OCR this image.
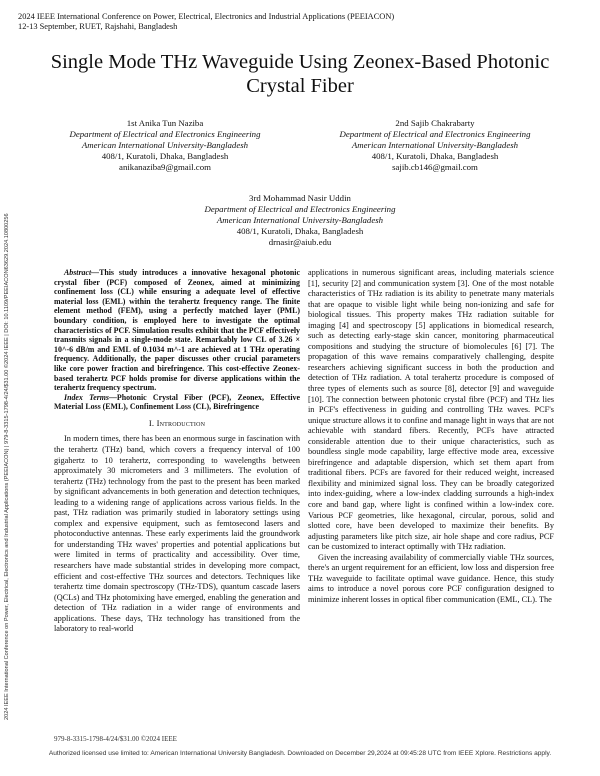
2024 IEEE International Conference on Power, Electrical, Electronics and Industrial Applications (PEEIACON)
12-13 September, RUET, Rajshahi, Bangladesh
2024 IEEE International Conference on Power, Electrical, Electronics and Industrial Applications (PEEIACON) | 979-8-3315-1798-4/24/$31.00 ©2024 IEEE | DOI: 10.1109/PEEIACON63629.2024.10800256
Single Mode THz Waveguide Using Zeonex-Based Photonic Crystal Fiber
1st Anika Tun Naziba
Department of Electrical and Electronics Engineering
American International University-Bangladesh
408/1, Kuratoli, Dhaka, Bangladesh
anikanaziba9@gmail.com
2nd Sajib Chakrabarty
Department of Electrical and Electronics Engineering
American International University-Bangladesh
408/1, Kuratoli, Dhaka, Bangladesh
sajib.cb146@gmail.com
3rd Mohammad Nasir Uddin
Department of Electrical and Electronics Engineering
American International University-Bangladesh
408/1, Kuratoli, Dhaka, Bangladesh
drnasir@aiub.edu

Abstract—This study introduces a innovative hexagonal photonic crystal fiber (PCF) composed of Zeonex, aimed at minimizing confinement loss (CL) while ensuring a adequate level of effective material loss (EML) within the terahertz frequency range. The finite element method (FEM), using a perfectly matched layer (PML) boundary condition, is employed here to investigate the optimal characteristics of PCF. Simulation results exhibit that the PCF effectively transmits signals in a single-mode state. Remarkably low CL of 3.26 × 10^-6 dB/m and EML of 0.1034 m^-1 are achieved at 1 THz operating frequency. Additionally, the paper discusses other crucial parameters like core power fraction and birefringence. This cost-effective Zeonex-based terahertz PCF holds promise for diverse applications within the terahertz frequency spectrum.

Index Terms—Photonic Crystal Fiber (PCF), Zeonex, Effective Material Loss (EML), Confinement Loss (CL), Birefringence

I. Introduction

In modern times, there has been an enormous surge in fascination with the terahertz (THz) band, which covers a frequency interval of 100 gigahertz to 10 terahertz, corresponding to wavelengths between approximately 30 micrometers and 3 millimeters. The evolution of terahertz (THz) technology from the past to the present has been marked by significant advancements in both generation and detection techniques, leading to a widening range of applications across various fields. In the past, THz radiation was primarily studied in laboratory settings using complex and expensive equipment, such as femtosecond lasers and photoconductive antennas. These early experiments laid the groundwork for understanding THz waves' properties and potential applications but were limited in terms of practicality and accessibility. Over time, researchers have made substantial strides in developing more compact, efficient and cost-effective THz sources and detectors. Techniques like terahertz time domain spectroscopy (THz-TDS), quantum cascade lasers (QCLs) and THz photomixing have emerged, enabling the generation and detection of THz radiation in a wider range of environments and applications. These days, THz technology has transitioned from the laboratory to real-world

applications in numerous significant areas, including materials science [1], security [2] and communication system [3]. One of the most notable characteristics of THz radiation is its ability to penetrate many materials that are opaque to visible light while being non-ionizing and safe for biological tissues. This property makes THz radiation suitable for imaging [4] and spectroscopy [5] applications in biomedical research, such as detecting early-stage skin cancer, monitoring pharmaceutical compositions and studying the structure of biomolecules [6] [7]. The propagation of this wave remains comparatively challenging, despite researchers achieving significant success in both the production and detection of THz radiation. A total terahertz procedure is composed of three types of elements such as source [8], detector [9] and waveguide [10]. The connection between photonic crystal fibre (PCF) and THz lies in PCF's effectiveness in guiding and controlling THz waves. PCF's unique structure allows it to confine and manage light in ways that are not achievable with standard fibers. Recently, PCFs have attracted considerable attention due to their unique characteristics, such as boundless single mode capability, large effective mode area, excessive birefringence and adaptable dispersion, which set them apart from traditional fibers. PCFs are favored for their reduced weight, increased flexibility and minimized signal loss. They can be broadly categorized into index-guiding, where a low-index cladding surrounds a high-index core and band gap, where light is confined within a low-index core. Various PCF geometries, like hexagonal, circular, porous, solid and slotted core, have been developed to maximize their benefits. By adjusting parameters like pitch size, air hole shape and core radius, PCF can be customized to interact optimally with THz radiation.

Given the increasing availability of commercially viable THz sources, there's an urgent requirement for an efficient, low loss and dispersion free THz waveguide to facilitate optimal wave guidance. Hence, this study aims to introduce a novel porous core PCF configuration designed to minimize inherent losses in optical fiber communication (EML, CL). The

979-8-3315-1798-4/24/$31.00 ©2024 IEEE
Authorized licensed use limited to: American International University Bangladesh. Downloaded on December 29,2024 at 09:45:28 UTC from IEEE Xplore. Restrictions apply.
